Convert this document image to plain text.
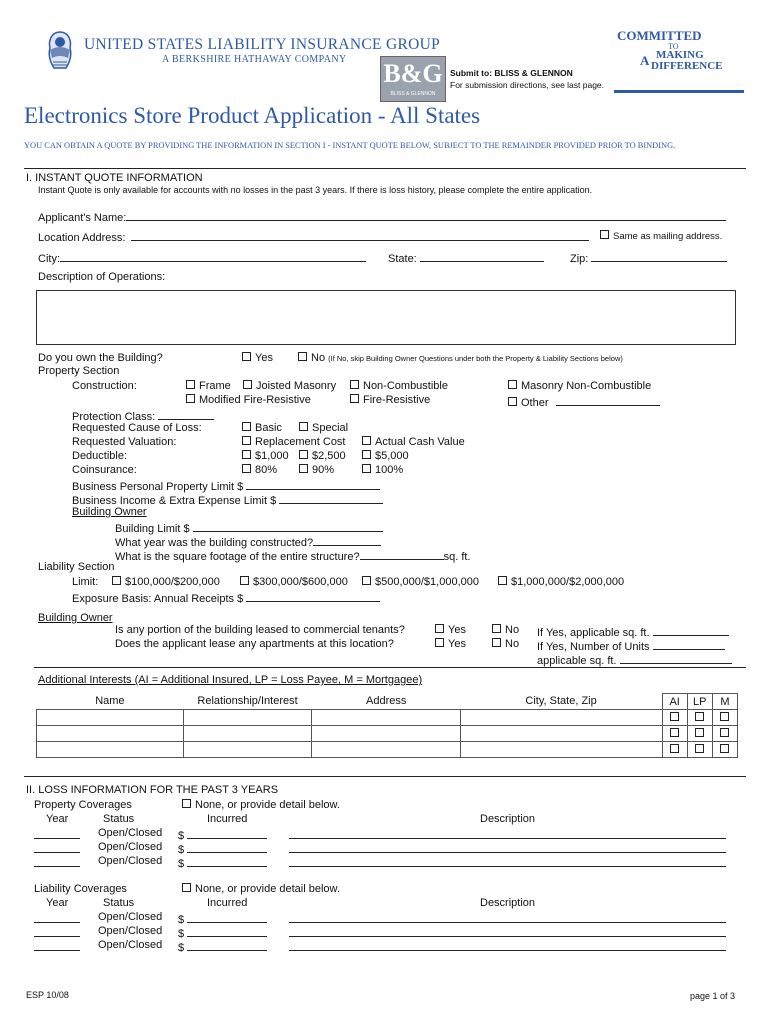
UNITED STATES LIABILITY INSURANCE GROUP
A BERKSHIRE HATHAWAY COMPANY B&G
BLISS & GLENNON
Submit to: BLISS & GLENNON
For submission directions, see last page.
COMMITTED
TO
MAKING
A DIFFERENCE
Electronics Store Product Application - All States
YOU CAN OBTAIN A QUOTE BY PROVIDING THE INFORMATION IN SECTION I - INSTANT QUOTE BELOW, SUBJECT TO THE REMAINDER PROVIDED PRIOR TO BINDING.
I. INSTANT QUOTE INFORMATION
Instant Quote is only available for accounts with no losses in the past 3 years. If there is loss history, please complete the entire application.
Applicant's Name:
Location Address:	Same as mailing address.
City:	State:	Zip:
Description of Operations:
Do you own the Building?	Yes	No (If No, skip Building Owner Questions under both the Property & Liability Sections below)
Property Section
Construction:	Frame	Joisted Masonry	Non-Combustible	Masonry Non-Combustible
Modified Fire-Resistive	Fire-Resistive	Other
Protection Class:
Requested Cause of Loss:	Basic	Special
Requested Valuation:	Replacement Cost	Actual Cash Value
Deductible:	$1,000	$2,500	$5,000
Coinsurance:	80%	90%	100%
Business Personal Property Limit $
Business Income & Extra Expense Limit $
Building Owner
Building Limit $
What year was the building constructed?
What is the square footage of the entire structure?	sq. ft.
Liability Section
Limit:	$100,000/$200,000	$300,000/$600,000	$500,000/$1,000,000	$1,000,000/$2,000,000
Exposure Basis: Annual Receipts $
Building Owner
Is any portion of the building leased to commercial tenants?	Yes	No If Yes, applicable sq. ft.
Does the applicant lease any apartments at this location?	Yes	No If Yes, Number of Units
applicable sq. ft.
Additional Interests (AI = Additional Insured, LP = Loss Payee, M = Mortgagee)
Name	Relationship/Interest	Address	City, State, Zip	AI	LP	M

II. LOSS INFORMATION FOR THE PAST 3 YEARS
Property Coverages	None, or provide detail below.
Year	Status	Incurred	Description
Open/Closed $
Open/Closed $
Open/Closed $
Liability Coverages	None, or provide detail below.
Year	Status	Incurred	Description
Open/Closed $
Open/Closed $
Open/Closed $
ESP 10/08	page 1 of 3
